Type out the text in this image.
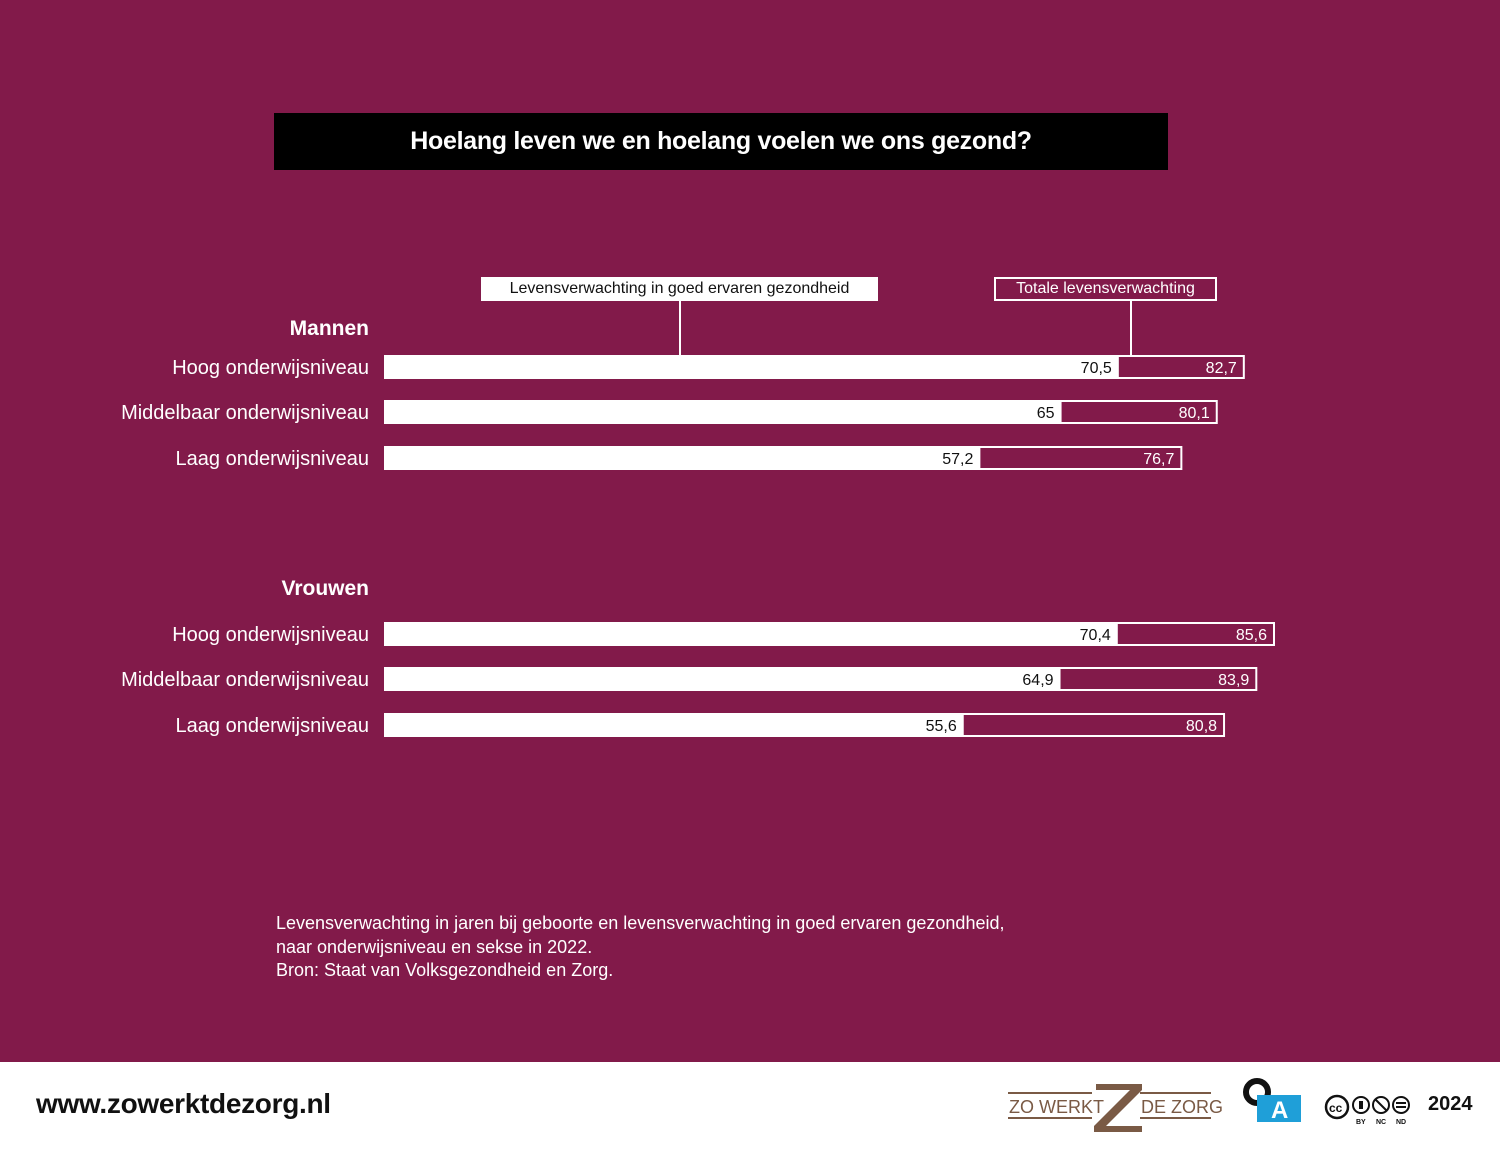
Hoelang leven we en hoelang voelen we ons gezond?
Levensverwachting in goed ervaren gezondheid	Totale levensverwachting
Mannen
Hoog onderwijsniveau	70,5	82,7
Middelbaar onderwijsniveau	65	80,1
Laag onderwijsniveau	57,2	76,7
Vrouwen
Hoog onderwijsniveau	70,4	85,6
Middelbaar onderwijsniveau	64,9	83,9
Laag onderwijsniveau	55,6	80,8
Levensverwachting in jaren bij geboorte en levensverwachting in goed ervaren gezondheid,
naar onderwijsniveau en sekse in 2022.
Bron: Staat van Volksgezondheid en Zorg.
www.zowerktdezorg.nl	ZO WERKT DE ZORG A	cc
BY NC ND
2024
